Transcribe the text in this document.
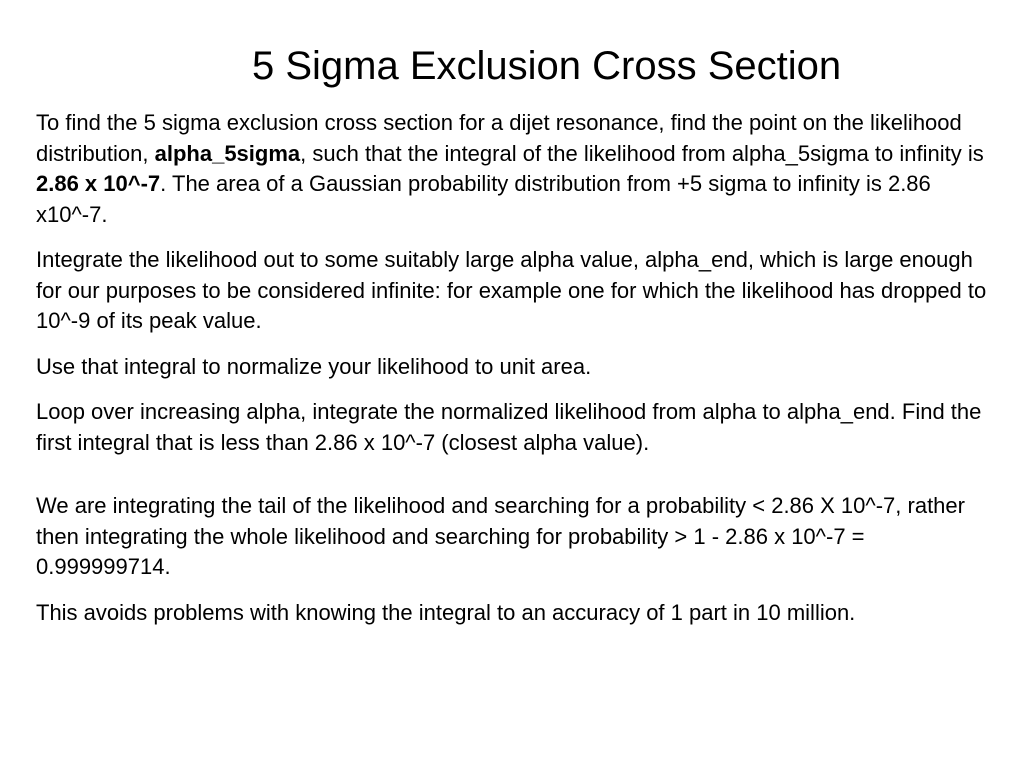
5 Sigma Exclusion Cross Section

To find the 5 sigma exclusion cross section for a dijet resonance, find the point on the likelihood distribution, alpha_5sigma, such that the integral of the likelihood from alpha_5sigma to infinity is 2.86 x 10^-7. The area of a Gaussian probability distribution from +5 sigma to infinity is 2.86 x10^-7.

Integrate the likelihood out to some suitably large alpha value, alpha_end, which is large enough for our purposes to be considered infinite: for example one for which the likelihood has dropped to 10^-9 of its peak value.

Use that integral to normalize your likelihood to unit area.

Loop over increasing alpha, integrate the normalized likelihood from alpha to alpha_end. Find the first integral that is less than 2.86 x 10^-7 (closest alpha value).

We are integrating the tail of the likelihood and searching for a probability < 2.86 X 10^-7, rather then integrating the whole likelihood and searching for probability > 1 - 2.86 x 10^-7 = 0.999999714.

This avoids problems with knowing the integral to an accuracy of 1 part in 10 million.
